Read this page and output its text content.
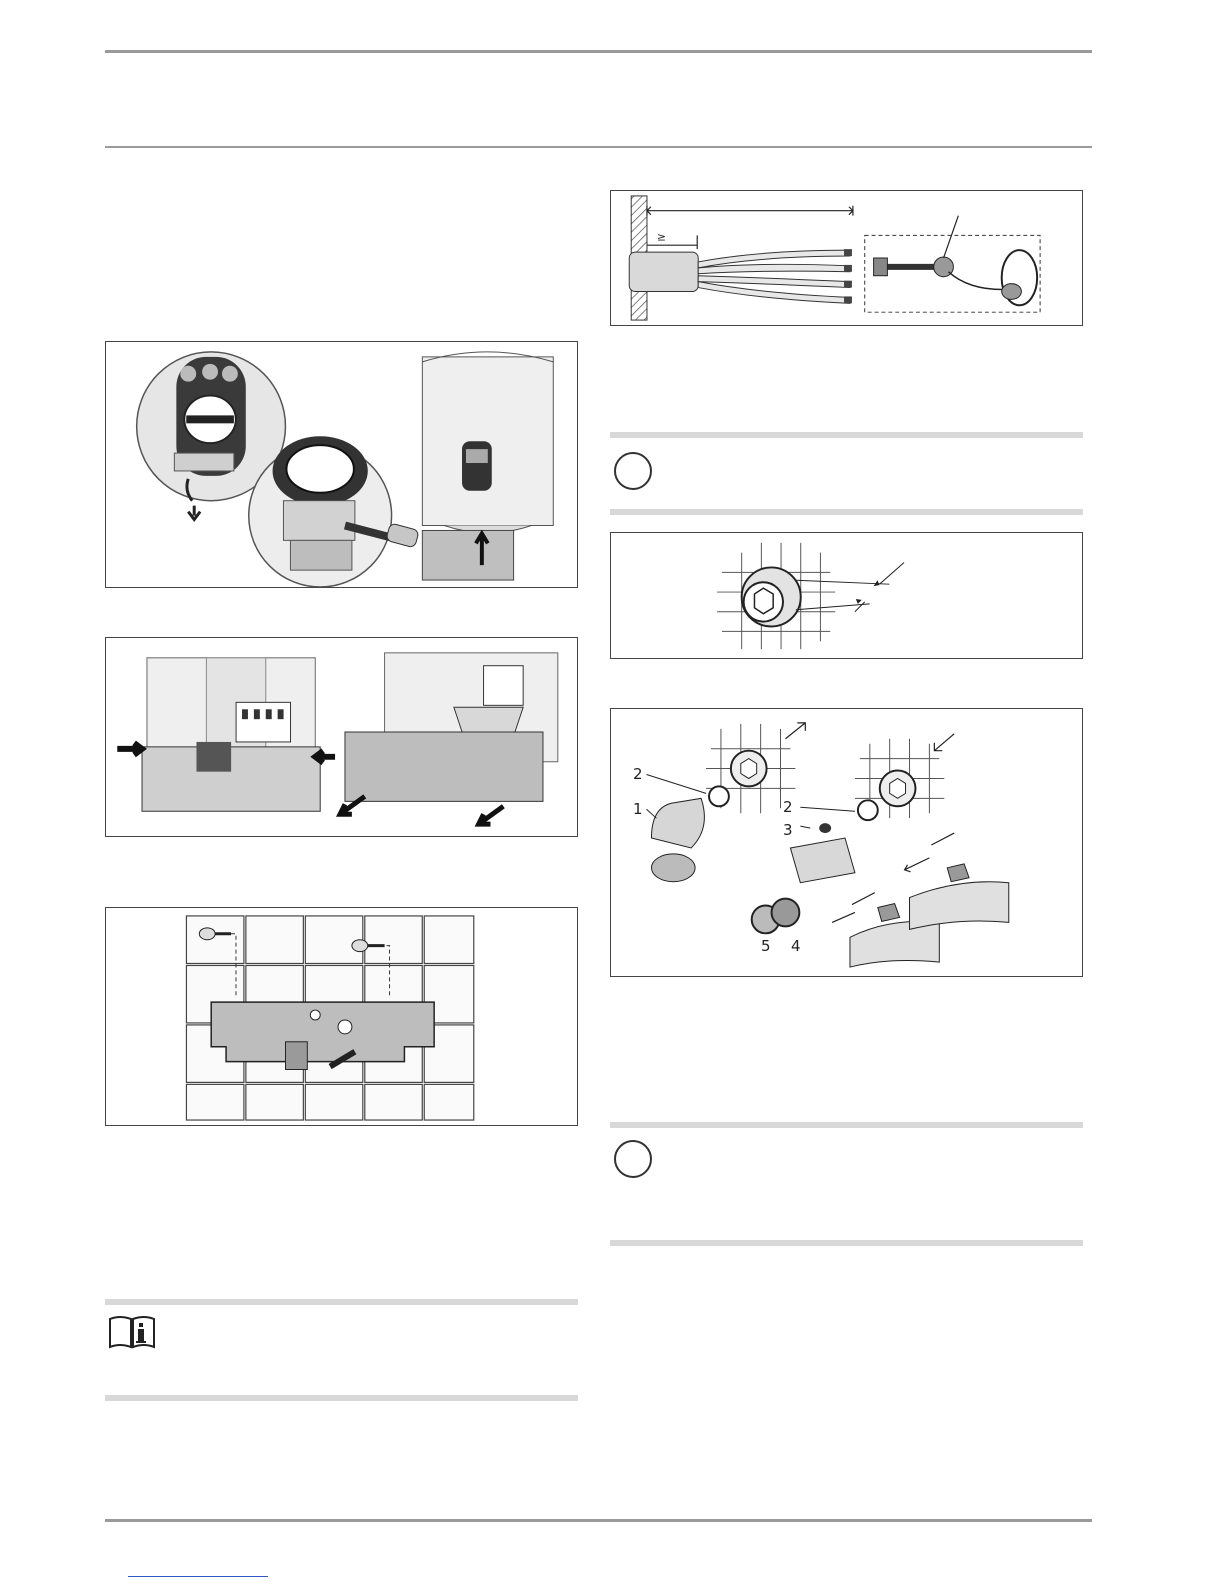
≥
2
1	2
3
5 4
